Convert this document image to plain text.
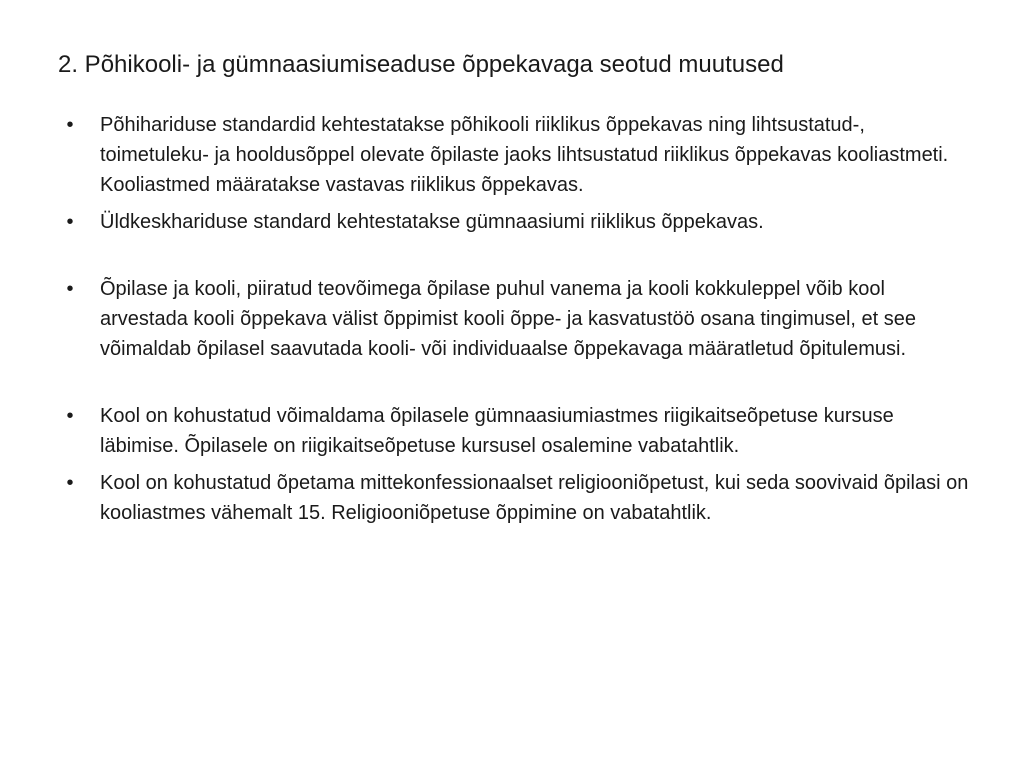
2. Põhikooli- ja gümnaasiumiseaduse õppekavaga seotud muutused
•	Põhihariduse standardid kehtestatakse põhikooli riiklikus õppekavas ning lihtsustatud-, toimetuleku- ja hooldusõppel olevate õpilaste jaoks lihtsustatud riiklikus õppekavas kooliastmeti. Kooliastmed määratakse vastavas riiklikus õppekavas.
•	Üldkeskhariduse standard kehtestatakse gümnaasiumi riiklikus õppekavas.
•	Õpilase ja kooli, piiratud teovõimega õpilase puhul vanema ja kooli kokkuleppel võib kool arvestada kooli õppekava välist õppimist kooli õppe- ja kasvatustöö osana tingimusel, et see võimaldab õpilasel saavutada kooli- või individuaalse õppekavaga määratletud õpitulemusi.
•	Kool on kohustatud võimaldama õpilasele gümnaasiumiastmes riigikaitseõpetuse kursuse läbimise. Õpilasele on riigikaitseõpetuse kursusel osalemine vabatahtlik.
•	Kool on kohustatud õpetama mittekonfessionaalset religiooniõpetust, kui seda soovivaid õpilasi on kooliastmes vähemalt 15. Religiooniõpetuse õppimine on vabatahtlik.
